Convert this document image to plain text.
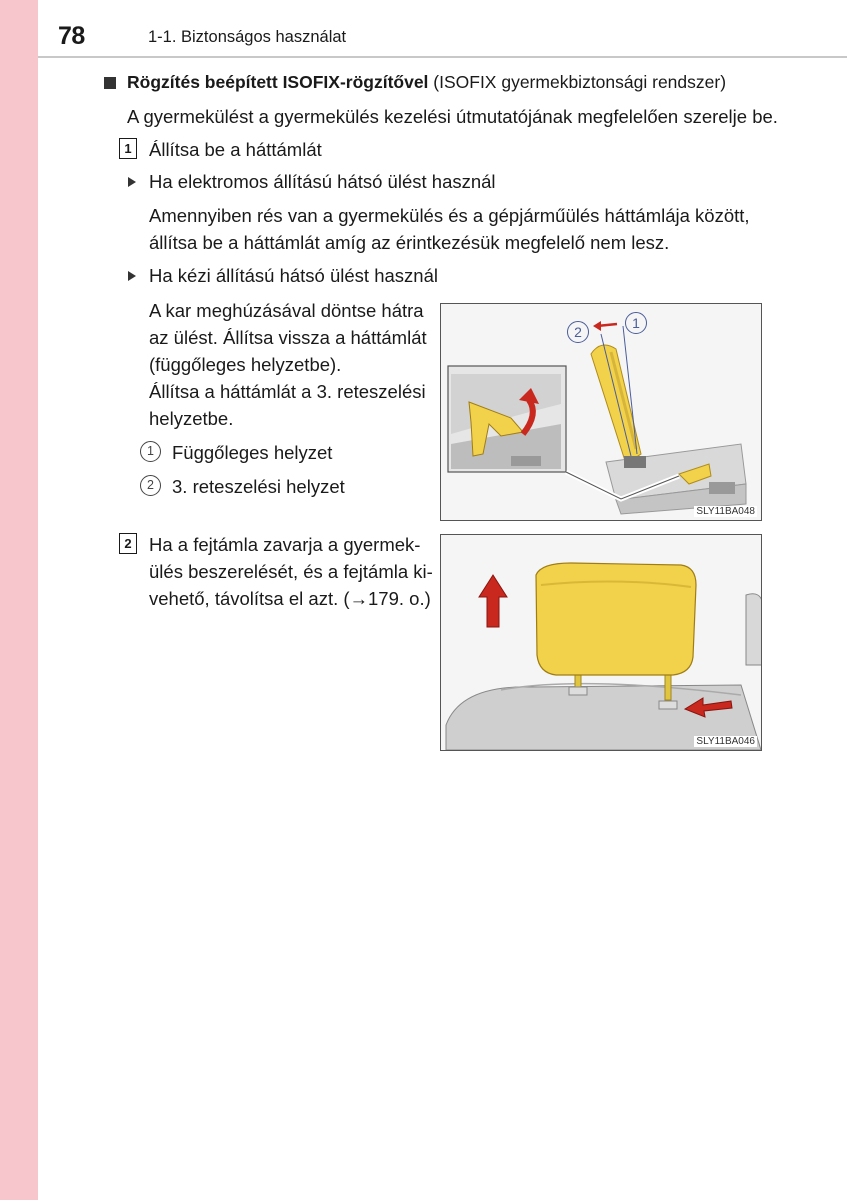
78	1-1. Biztonságos használat
Rögzítés beépített ISOFIX-rögzítővel (ISOFIX gyermekbiztonsági rendszer)
A gyermekülést a gyermekülés kezelési útmutatójának megfelelően szerelje be.
1 Állítsa be a háttámlát
Ha elektromos állítású hátsó ülést használ
Amennyiben rés van a gyermekülés és a gépjárműülés háttámlája között,
állítsa be a háttámlát amíg az érintkezésük megfelelő nem lesz.
Ha kézi állítású hátsó ülést használ
A kar meghúzásával döntse hátra
az ülést. Állítsa vissza a háttámlát
(függőleges helyzetbe).
Állítsa a háttámlát a 3. reteszelési
helyzetbe.
1 Függőleges helyzet
2 3. reteszelési helyzet
2
1
SLY11BA048
2 Ha a fejtámla zavarja a gyermek-
ülés beszerelését, és a fejtámla ki-
vehető, távolítsa el azt. (→179. o.)
SLY11BA046
